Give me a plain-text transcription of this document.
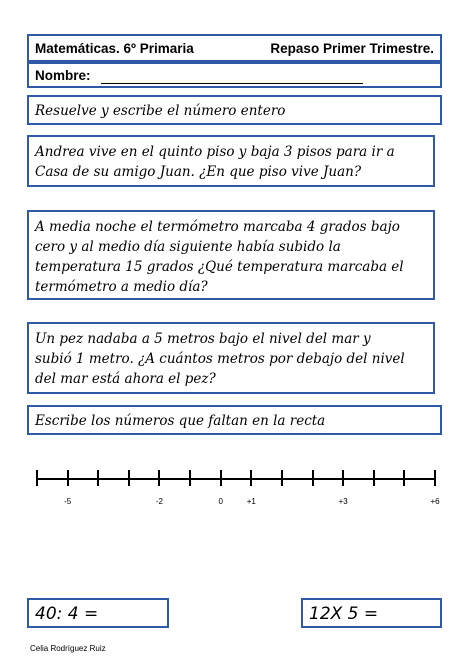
Matemáticas. 6º Primaria	Repaso Primer Trimestre.
Nombre:
Resuelve y escribe el número entero
Andrea vive en el quinto piso y baja 3 pisos para ir a
Casa de su amigo Juan. ¿En que piso vive Juan?
A media noche el termómetro marcaba 4 grados bajo
cero y al medio día siguiente había subido la
temperatura 15 grados ¿Qué temperatura marcaba el
termómetro a medio día?
Un pez nadaba a 5 metros bajo el nivel del mar y
subió 1 metro. ¿A cuántos metros por debajo del nivel
del mar está ahora el pez?
Escribe los números que faltan en la recta
-5	-2	0	+1	+3	+6
40: 4 =	12X 5 =
Celia Rodríguez Ruiz
